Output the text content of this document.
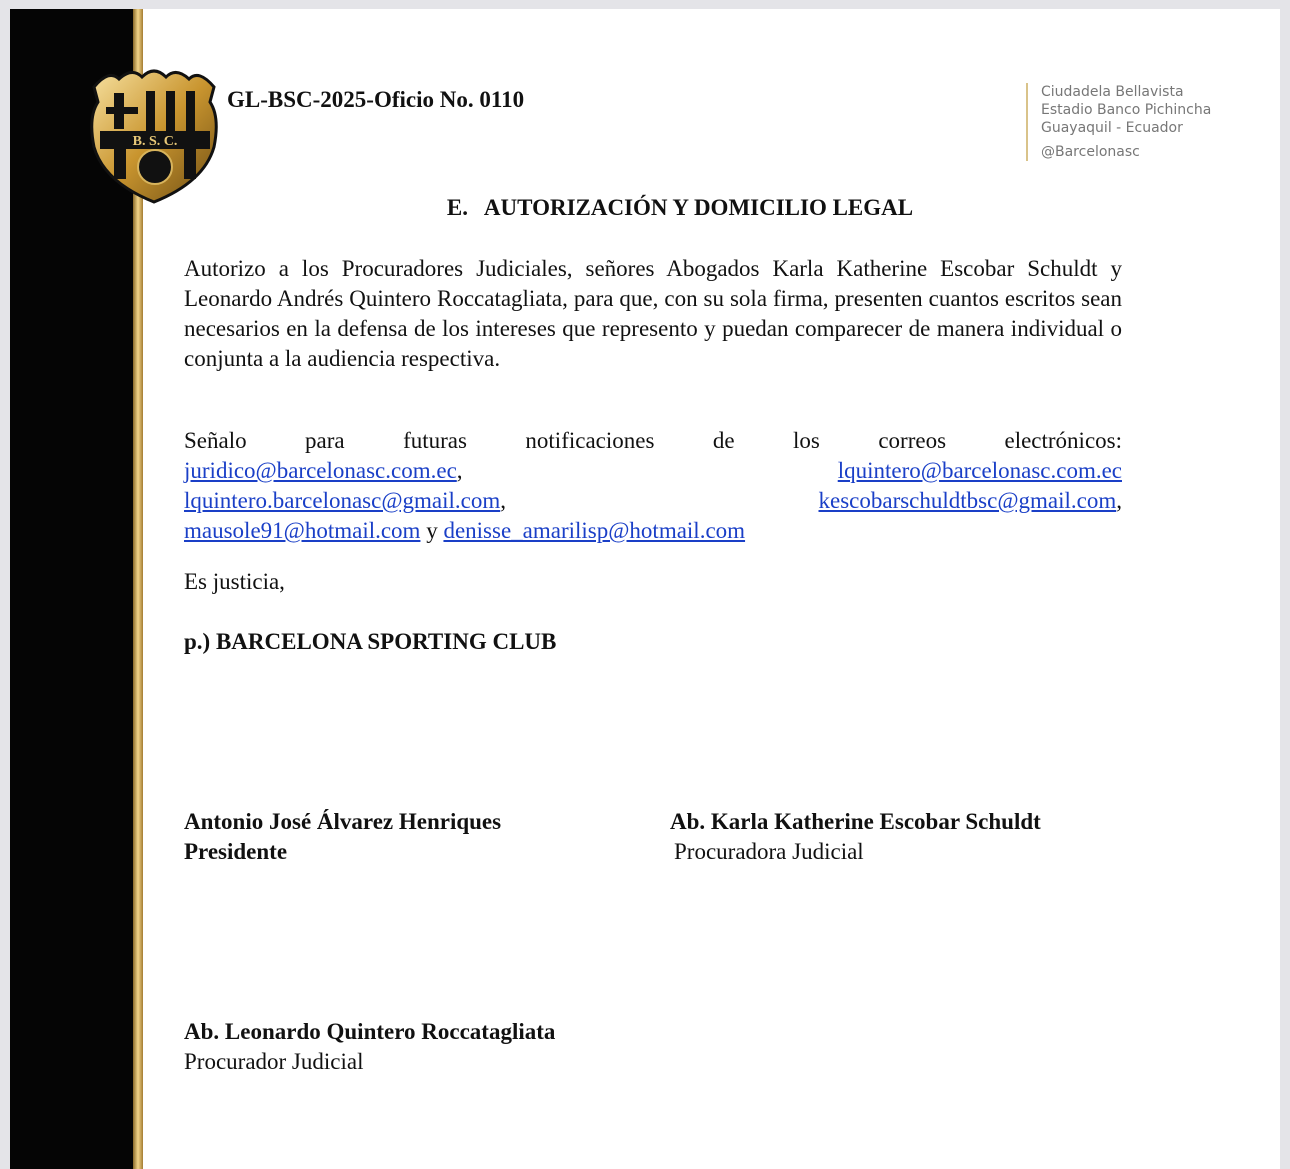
B. S. C.
GL-BSC-2025-Oficio No. 0110	Ciudadela Bellavista
Estadio Banco Pichincha
Guayaquil - Ecuador
@Barcelonasc
E.   AUTORIZACIÓN Y DOMICILIO LEGAL
Autorizo a los Procuradores Judiciales, señores Abogados Karla Katherine Escobar Schuldt y Leonardo Andrés Quintero Roccatagliata, para que, con su sola firma, presenten cuantos escritos sean necesarios en la defensa de los intereses que represento y puedan comparecer de manera individual o conjunta a la audiencia respectiva.
Señalo para futuras notificaciones de los correos electrónicos:
juridico@barcelonasc.com.ec,	lquintero@barcelonasc.com.ec
lquintero.barcelonasc@gmail.com,	kescobarschuldtbsc@gmail.com,
mausole91@hotmail.com y denisse_amarilisp@hotmail.com
Es justicia,
p.) BARCELONA SPORTING CLUB
Antonio José Álvarez Henriques
Presidente
Ab. Karla Katherine Escobar Schuldt
Procuradora Judicial
Ab. Leonardo Quintero Roccatagliata
Procurador Judicial
